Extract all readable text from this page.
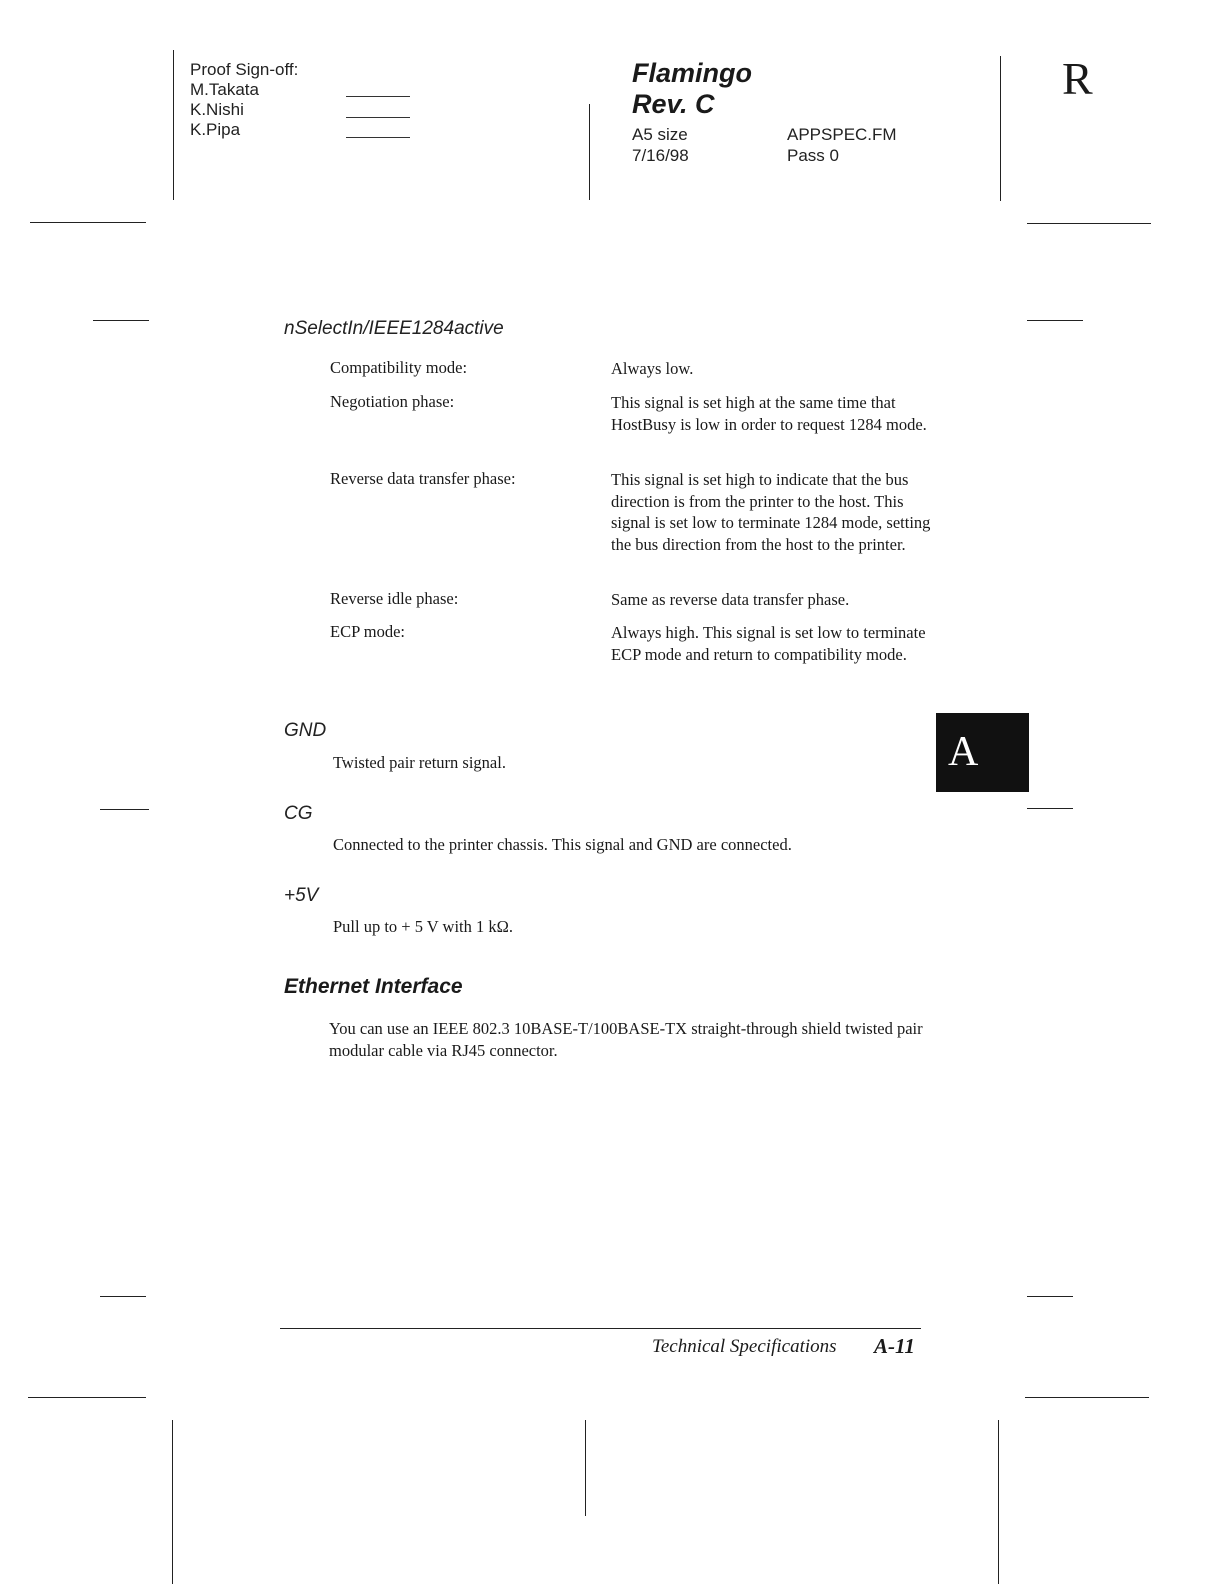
Proof Sign-off:
M.Takata
K.Nishi
K.Pipa
Flamingo
Rev. C
A5 size
7/16/98
APPSPEC.FM
Pass 0
R
nSelectIn/IEEE1284active
Compatibility mode:	Always low.
Negotiation phase:	This signal is set high at the same time that HostBusy is low in order to request 1284 mode.
Reverse data transfer phase:	This signal is set high to indicate that the bus direction is from the printer to the host. This signal is set low to terminate 1284 mode, setting the bus direction from the host to the printer.
Reverse idle phase:	Same as reverse data transfer phase.
ECP mode:	Always high. This signal is set low to terminate ECP mode and return to compatibility mode.
GND
Twisted pair return signal.	A
CG
Connected to the printer chassis. This signal and GND are connected.
+5V
Pull up to + 5 V with 1 kΩ.
Ethernet Interface
You can use an IEEE 802.3 10BASE-T/100BASE-TX straight-through shield twisted pair modular cable via RJ45 connector.
Technical Specifications A-11
